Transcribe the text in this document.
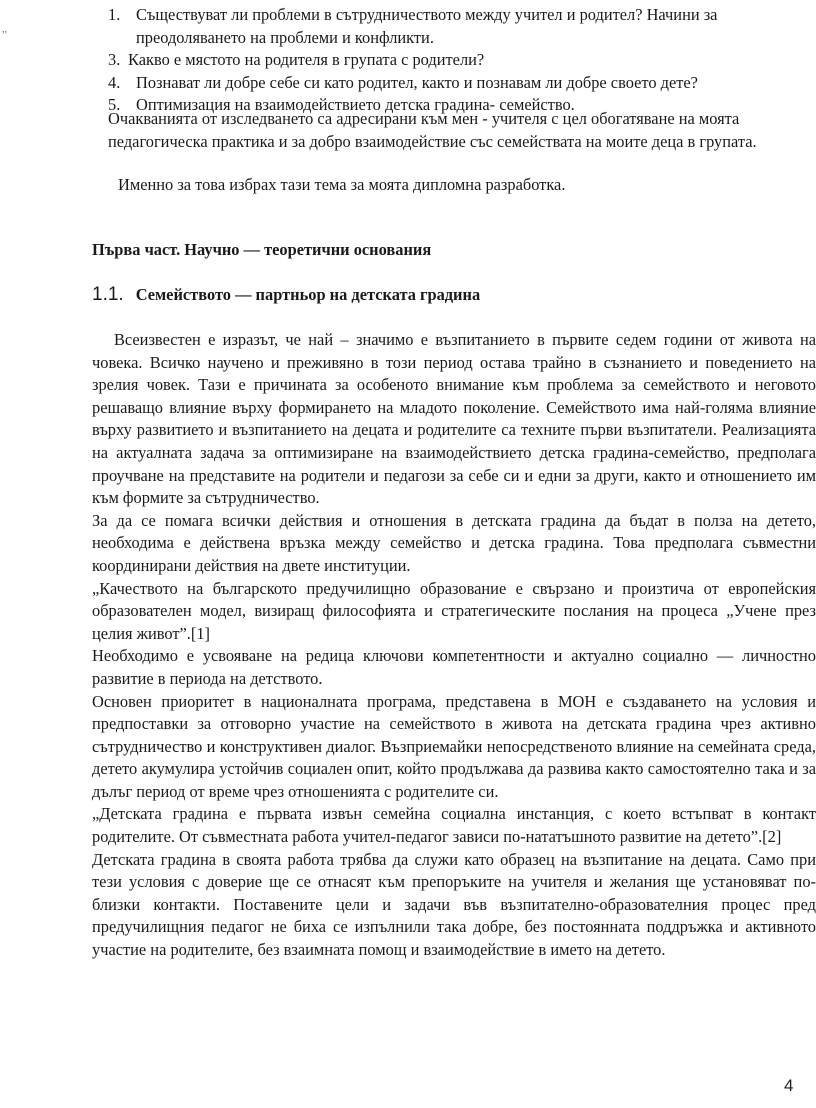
,,
1. Съществуват ли проблеми в сътрудничеството между учител и родител? Начини за преодоляването на проблеми и конфликти.
3. Какво е мястото на родителя в групата с родители?
4. Познават ли добре себе си като родител, както и познавам ли добре своето дете?
5. Оптимизация на взаимодействието детска градина- семейство.

Очакванията от изследването са адресирани към мен - учителя с цел обогатяване на моята педагогическа практика и за добро взаимодействие със семействата на моите деца в групата.

Именно за това избрах тази тема за моята дипломна разработка.

Първа част. Научно — теоретични основания
1.1. Семейството — партньор на детската градина

Всеизвестен е изразът, че най – значимо е възпитанието в първите седем години от живота на човека. Всичко научено и преживяно в този период остава трайно в съзнанието и поведението на зрелия човек. Тази е причината за особеното внимание към проблема за семейството и неговото решаващо влияние върху формирането на младото поколение. Семейството има най-голяма влияние върху развитието и възпитанието на децата и родителите са техните първи възпитатели. Реализацията на актуалната задача за оптимизиране на взаимодействието детска градина-семейство, предполага проучване на представите на родители и педагози за себе си и едни за други, както и отношението им към формите за сътрудничество.

За да се помага всички действия и отношения в детската градина да бъдат в полза на детето, необходима е действена връзка между семейство и детска градина. Това предполага съвместни координирани действия на двете институции.

„Качеството на българското предучилищно образование е свързано и произтича от европейския образователен модел, визиращ философията и стратегическите послания на процеса „Учене през целия живот”.[1]

Необходимо е усвояване на редица ключови компетентности и актуално социално — личностно развитие в периода на детството.

Основен приоритет в националната програма, представена в МОН е създаването на условия и предпоставки за отговорно участие на семейството в живота на детската градина чрез активно сътрудничество и конструктивен диалог. Възприемайки непосредственото влияние на семейната среда, детето акумулира устойчив социален опит, който продължава да развива както самостоятелно така и за дълъг период от време чрез отношенията с родителите си.

„Детската градина е първата извън семейна социална инстанция, с което встъпват в контакт родителите. От съвместната работа учител-педагог зависи по-нататъшното развитие на детето”.[2]

Детската градина в своята работа трябва да служи като образец на възпитание на децата. Само при тези условия с доверие ще се отнасят към препоръките на учителя и желания ще установяват по-близки контакти. Поставените цели и задачи във възпитателно-образователния процес пред предучилищния педагог не биха се изпълнили така добре, без постоянната поддръжка и активното участие на родителите, без взаимната помощ и взаимодействие в името на детето.

4
